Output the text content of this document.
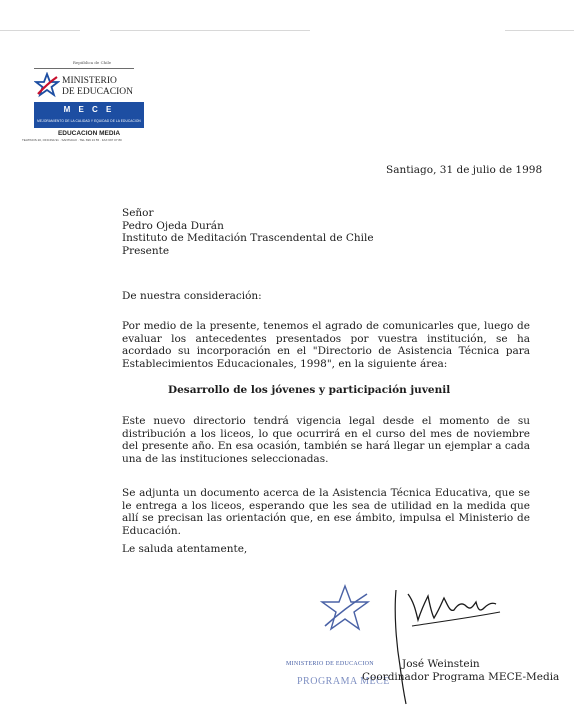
República de Chile
MINISTERIO
DE EDUCACION
M E C E
MEJORAMIENTO DE LA CALIDAD Y EQUIDAD DE LA EDUCACION
EDUCACION MEDIA
TEATINOS 20, OFICINA 91 · SANTIAGO · TEL 699 13 55 · FAX 697 07 80
Santiago, 31 de julio de 1998
Señor
Pedro Ojeda Durán
Instituto de Meditación Trascendental de Chile
Presente
De nuestra consideración:
Por medio de la presente, tenemos el agrado de comunicarles que, luego de evaluar los antecedentes presentados por vuestra institución, se ha acordado su incorporación en el "Directorio de Asistencia Técnica para Establecimientos Educacionales, 1998", en la siguiente área:
Desarrollo de los jóvenes y participación juvenil
Este nuevo directorio tendrá vigencia legal desde el momento de su distribución a los liceos, lo que ocurrirá en el curso del mes de noviembre del presente año. En esa ocasión, también se hará llegar un ejemplar a cada una de las instituciones seleccionadas.
Se adjunta un documento acerca de la Asistencia Técnica Educativa, que se le entrega a los liceos, esperando que les sea de utilidad en la medida que allí se precisan las orientación que, en ese ámbito, impulsa el Ministerio de Educación.
Le saluda atentamente,
MINISTERIO DE EDUCACION
PROGRAMA MECE
José Weinstein
Coordinador Programa MECE-Media
